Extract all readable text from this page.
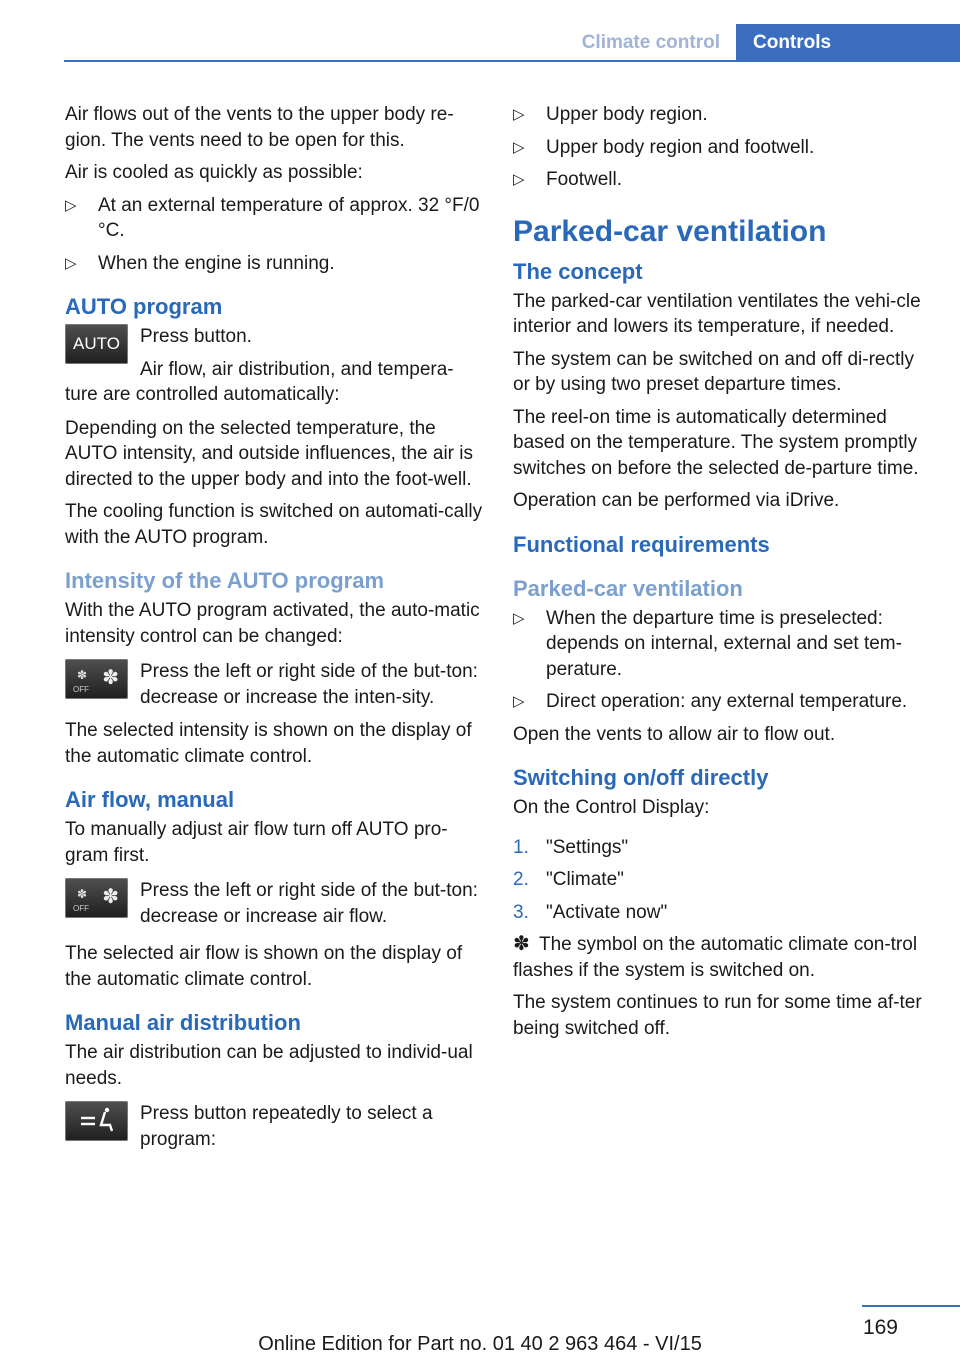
Climate control	Controls

Air flows out of the vents to the upper body re-gion. The vents need to be open for this.

Air is cooled as quickly as possible:

▷	At an external temperature of approx. 32 °F/0 °C.
▷	When the engine is running.
AUTO program
AUTO	Press button.

Air flow, air distribution, and tempera-ture are controlled automatically:

Depending on the selected temperature, the AUTO intensity, and outside influences, the air is directed to the upper body and into the foot-well.

The cooling function is switched on automati-cally with the AUTO program.

Intensity of the AUTO program

With the AUTO program activated, the auto-matic intensity control can be changed:

✽
OFF
✽	Press the left or right side of the but-ton: decrease or increase the inten-sity.

The selected intensity is shown on the display of the automatic climate control.

Air flow, manual

To manually adjust air flow turn off AUTO pro-gram first.

✽
OFF
✽	Press the left or right side of the but-ton: decrease or increase air flow.

The selected air flow is shown on the display of the automatic climate control.

Manual air distribution

The air distribution can be adjusted to individ-ual needs.

Press button repeatedly to select a program:

▷	Upper body region.
▷	Upper body region and footwell.
▷	Footwell.
Parked-car ventilation
The concept

The parked-car ventilation ventilates the vehi-cle interior and lowers its temperature, if needed.

The system can be switched on and off di-rectly or by using two preset departure times.

The reel-on time is automatically determined based on the temperature. The system promptly switches on before the selected de-parture time.

Operation can be performed via iDrive.

Functional requirements
Parked-car ventilation
▷	When the departure time is preselected: depends on internal, external and set tem-perature.
▷	Direct operation: any external temperature.

Open the vents to allow air to flow out.

Switching on/off directly

On the Control Display:

1. "Settings"
2. "Climate"
3. "Activate now"

✽ The symbol on the automatic climate con-trol flashes if the system is switched on.

The system continues to run for some time af-ter being switched off.

169
Online Edition for Part no. 01 40 2 963 464 - VI/15
